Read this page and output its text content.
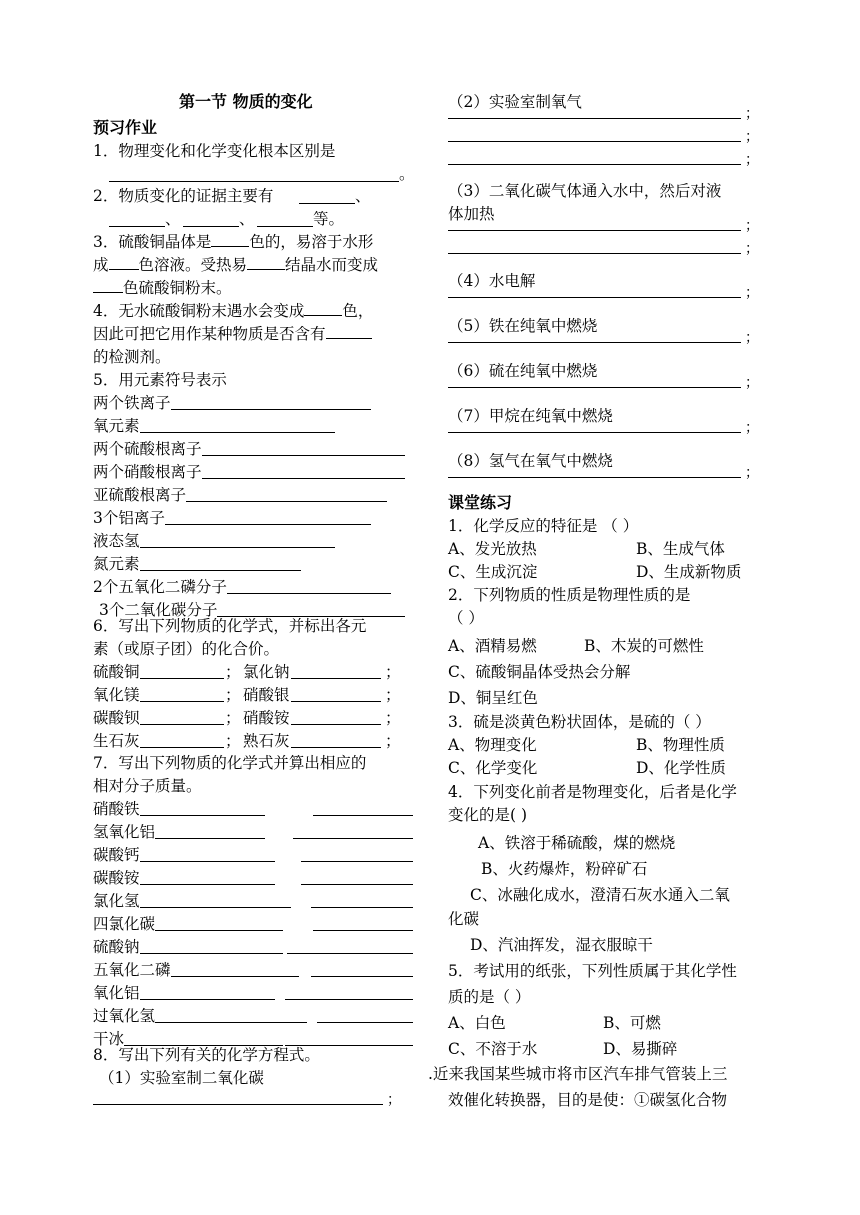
第一节 物质的变化
预习作业
1．物理变化和化学变化根本区别是
。
2．物质变化的证据主要有	、
、	、	等。
3．硫酸铜晶体是 色的，易溶于水形
成 色溶液。受热易 结晶水而变成
色硫酸铜粉末。
4．无水硫酸铜粉末遇水会变成 色，
因此可把它用作某种物质是否含有
的检测剂。
5．用元素符号表示
两个铁离子
氧元素
两个硫酸根离子
两个硝酸根离子
亚硫酸根离子
3个铝离子
液态氢
氮元素
2个五氧化二磷分子
3个二氧化碳分子
6．写出下列物质的化学式，并标出各元
素（或原子团）的化合价。
硫酸铜	； 氯化钠	；
氧化镁	； 硝酸银	；
碳酸钡	； 硝酸铵	；
生石灰	； 熟石灰	；
7．写出下列物质的化学式并算出相应的
相对分子质量。
硝酸铁
氢氧化铝
碳酸钙
碳酸铵
氯化氢
四氯化碳
硫酸钠
五氧化二磷
氧化铝
过氧化氢
干冰
8．写出下列有关的化学方程式。
（1）实验室制二氧化碳
；
（2）实验室制氧气
；
；
；
（3）二氧化碳气体通入水中，然后对液
体加热
；
；
（4）水电解
；
（5）铁在纯氧中燃烧
；
（6）硫在纯氧中燃烧
；
（7）甲烷在纯氧中燃烧
；
（8）氢气在氧气中燃烧
；
课堂练习
1．化学反应的特征是 （ ）
A、发光放热	B、生成气体
C、生成沉淀	D、生成新物质
2．下列物质的性质是物理性质的是
（ ）
A、酒精易燃	B、木炭的可燃性
C、硫酸铜晶体受热会分解
D、铜呈红色
3．硫是淡黄色粉状固体，是硫的（ ）
A、物理变化	B、物理性质
C、化学变化	D、化学性质
4．下列变化前者是物理变化，后者是化学
变化的是( )
A、铁溶于稀硫酸，煤的燃烧
B、火药爆炸，粉碎矿石
C、冰融化成水，澄清石灰水通入二氧
化碳
D、汽油挥发，湿衣服晾干
5．考试用的纸张，下列性质属于其化学性
质的是（ ）
A、白色	B、可燃
C、不溶于水	D、易撕碎
.近来我国某些城市将市区汽车排气管装上三
效催化转换器，目的是使：①碳氢化合物
